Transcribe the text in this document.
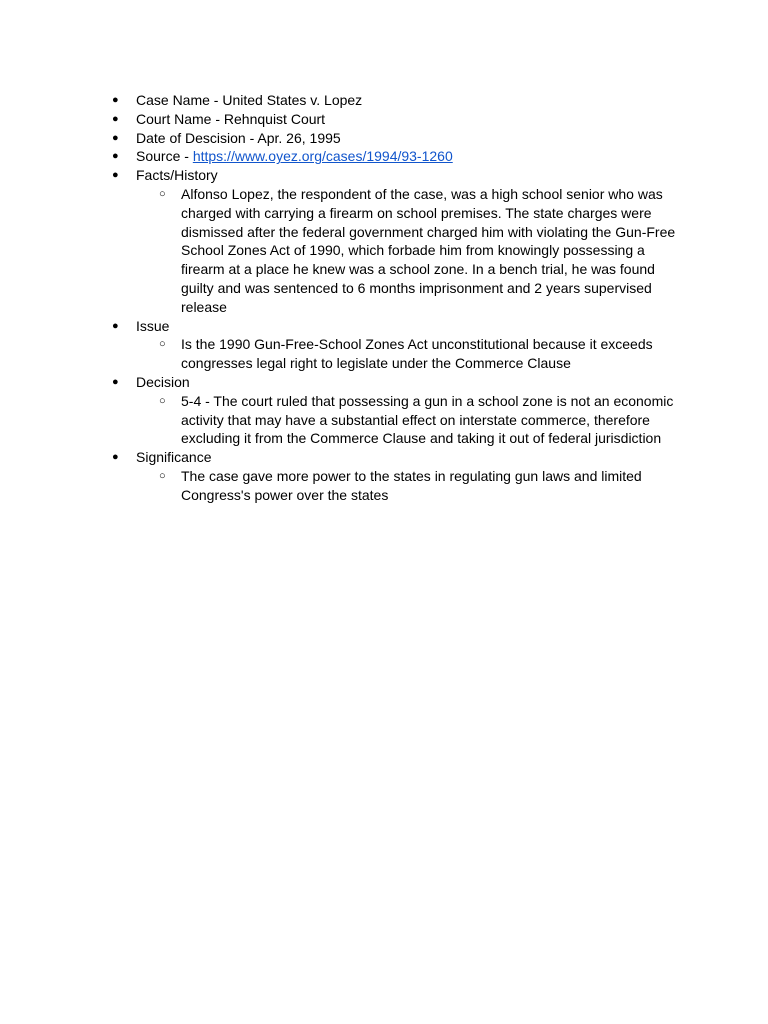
●	Case Name - United States v. Lopez
●	Court Name - Rehnquist Court
●	Date of Descision - Apr. 26, 1995
●	Source - https://www.oyez.org/cases/1994/93-1260
●	Facts/History
○ Alfonso Lopez, the respondent of the case, was a high school senior who was charged with carrying a firearm on school premises. The state charges were dismissed after the federal government charged him with violating the Gun-Free School Zones Act of 1990, which forbade him from knowingly possessing a firearm at a place he knew was a school zone. In a bench trial, he was found guilty and was sentenced to 6 months imprisonment and 2 years supervised release
●	Issue
○ Is the 1990 Gun-Free-School Zones Act unconstitutional because it exceeds congresses legal right to legislate under the Commerce Clause
●	Decision
○ 5-4 - The court ruled that possessing a gun in a school zone is not an economic activity that may have a substantial effect on interstate commerce, therefore excluding it from the Commerce Clause and taking it out of federal jurisdiction
●	Significance
○ The case gave more power to the states in regulating gun laws and limited Congress's power over the states
